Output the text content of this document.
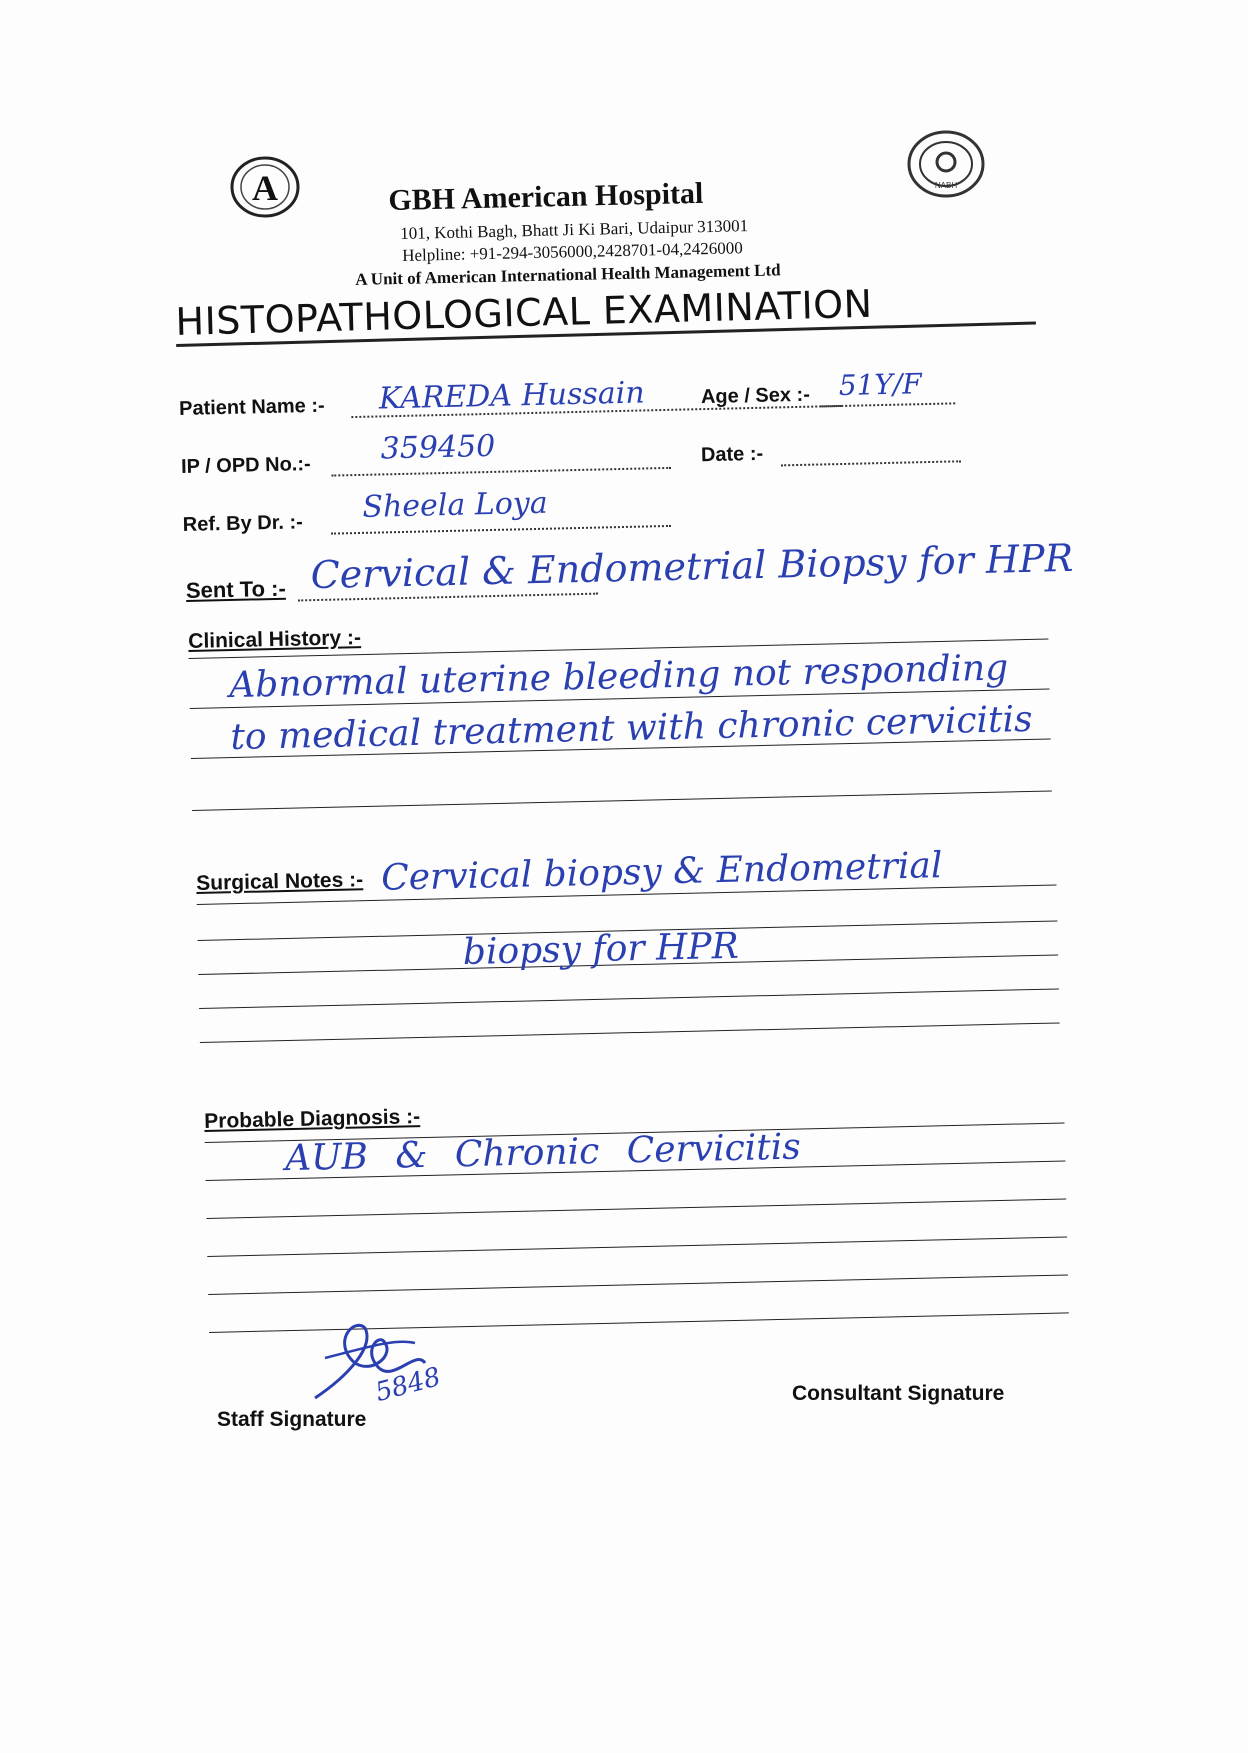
A	NABH
GBH American Hospital
101, Kothi Bagh, Bhatt Ji Ki Bari, Udaipur 313001
Helpline: +91-294-3056000,2428701-04,2426000
A Unit of American International Health Management Ltd
HISTOPATHOLOGICAL EXAMINATION
Patient Name :- KAREDA Hussain	Age / Sex :- 51Y/F
IP / OPD No.:- 359450	Date :-
Ref. By Dr. :- Sheela Loya
Sent To :- Cervical & Endometrial Biopsy for HPR
Clinical History :-
Abnormal uterine bleeding not responding
to medical treatment with chronic cervicitis
Surgical Notes :- Cervical biopsy & Endometrial
biopsy for HPR
Probable Diagnosis :-
AUB & Chronic Cervicitis
5848
Staff Signature
Consultant Signature
